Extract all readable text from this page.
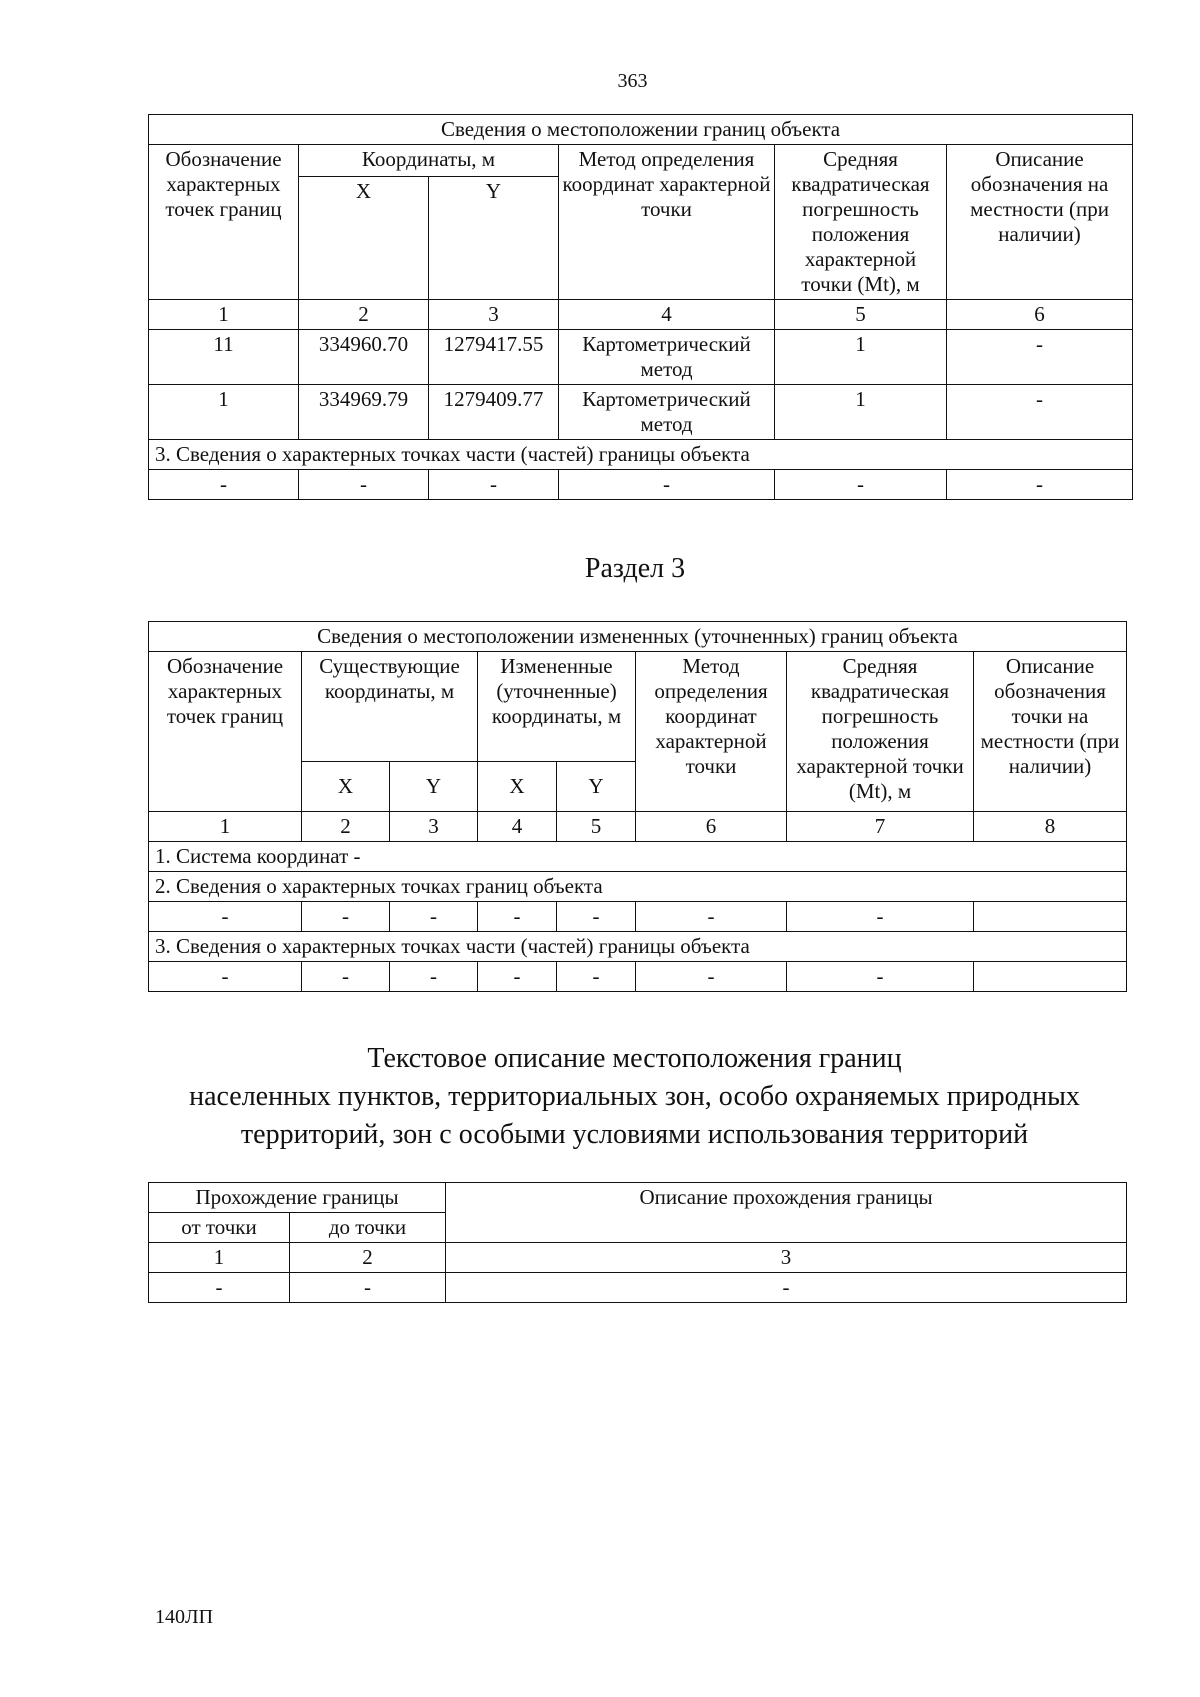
363
Сведения о местоположении границ объекта					
Обозначение характерных точек границ	Координаты, м		Метод определения координат характерной точки	Средняя квадратическая погрешность положения характерной точки (Mt), м	Описание обозначения на местности (при наличии)
	X	Y			
1	2	3	4	5	6
11	334960.70	1279417.55	Картометрический метод	1	-
1	334969.79	1279409.77	Картометрический метод	1	-
3. Сведения о характерных точках части (частей) границы объекта					
-	-	-	-	-	-
Раздел 3
Сведения о местоположении измененных (уточненных) границ объекта							
Обозначение характерных точек границ	Существующие координаты, м		Измененные (уточненные) координаты, м		Метод определения координат характерной точки	Средняя квадратическая погрешность положения характерной точки (Mt), м	Описание обозначения точки на местности (при наличии)
	X	Y	X	Y			
1	2	3	4	5	6	7	8
1. Система координат -							
2. Сведения о характерных точках границ объекта							
-	-	-	-	-	-	-	
3. Сведения о характерных точках части (частей) границы объекта							
-	-	-	-	-	-	-	
Текстовое описание местоположения границ
населенных пунктов, территориальных зон, особо охраняемых природных
территорий, зон с особыми условиями использования территорий
Прохождение границы		Описание прохождения границы
от точки	до точки	
1	2	3
-	-	-
140ЛП
